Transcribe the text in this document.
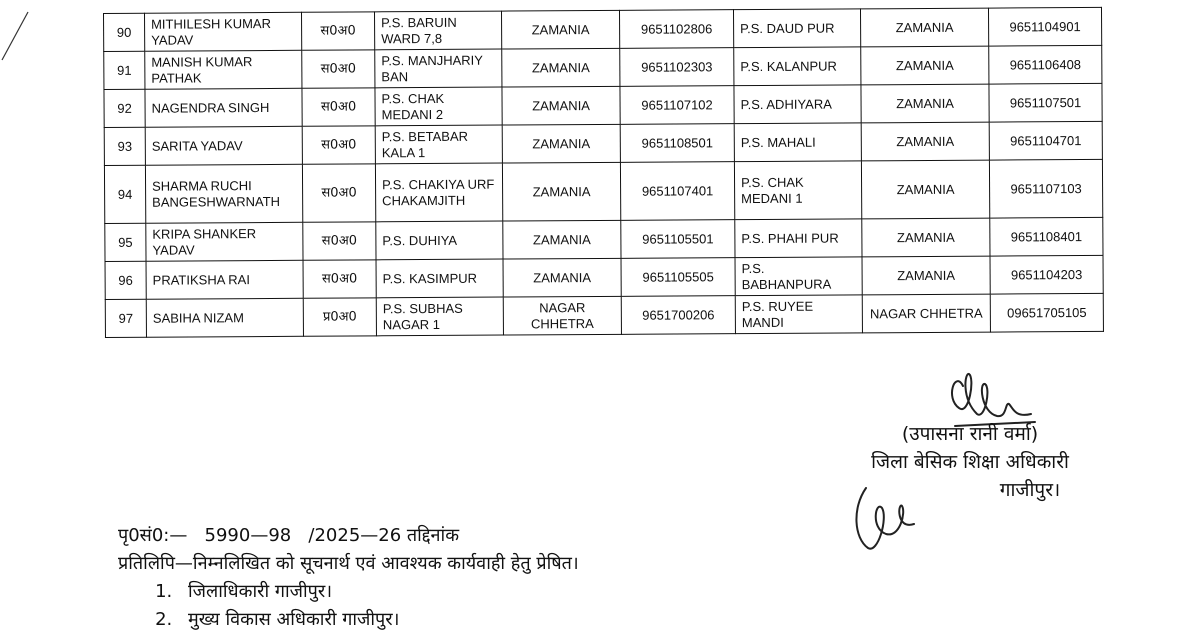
90	MITHILESH KUMAR YADAV	स0अ0	P.S. BARUIN WARD 7,8	ZAMANIA	9651102806	P.S. DAUD PUR	ZAMANIA	9651104901
91	MANISH KUMAR PATHAK	स0अ0	P.S. MANJHARIY BAN	ZAMANIA	9651102303	P.S. KALANPUR	ZAMANIA	9651106408
92	NAGENDRA SINGH	स0अ0	P.S. CHAK MEDANI 2	ZAMANIA	9651107102	P.S. ADHIYARA	ZAMANIA	9651107501
93	SARITA YADAV	स0अ0	P.S. BETABAR KALA 1	ZAMANIA	9651108501	P.S. MAHALI	ZAMANIA	9651104701
94	SHARMA RUCHI BANGESHWARNATH	स0अ0	P.S. CHAKIYA URF CHAKAMJITH	ZAMANIA	9651107401	P.S. CHAK MEDANI 1	ZAMANIA	9651107103
95	KRIPA SHANKER YADAV	स0अ0	P.S. DUHIYA	ZAMANIA	9651105501	P.S. PHAHI PUR	ZAMANIA	9651108401
96	PRATIKSHA RAI	स0अ0	P.S. KASIMPUR	ZAMANIA	9651105505	P.S. BABHANPURA	ZAMANIA	9651104203
97	SABIHA NIZAM	प्र0अ0	P.S. SUBHAS NAGAR 1	NAGAR CHHETRA	9651700206	P.S. RUYEE MANDI	NAGAR CHHETRA	09651705105
(उपासना रानी वर्मा)
जिला बेसिक शिक्षा अधिकारी
गाजीपुर।
पृ0सं0:—   5990—98   /2025—26 तद्दिनांक
प्रतिलिपि—निम्नलिखित को सूचनार्थ एवं आवश्यक कार्यवाही हेतु प्रेषित।
1. जिलाधिकारी गाजीपुर।
2. मुख्य विकास अधिकारी गाजीपुर।
